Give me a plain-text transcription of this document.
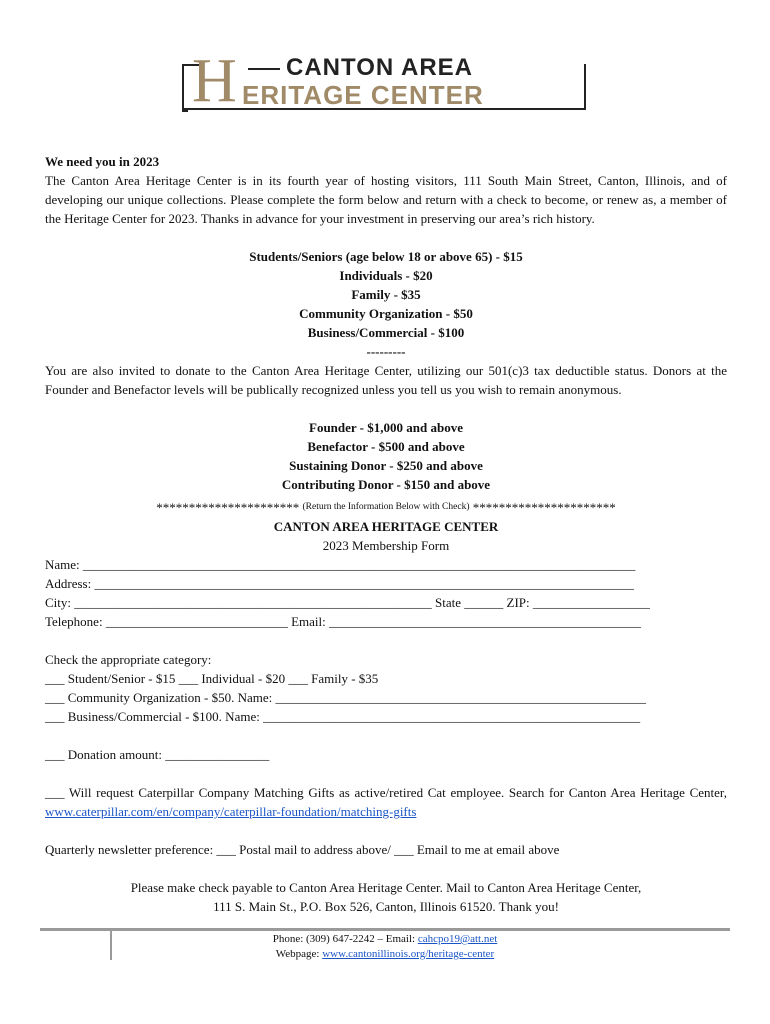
H	CANTON AREA
ERITAGE CENTER
We need you in 2023
The Canton Area Heritage Center is in its fourth year of hosting visitors, 111 South Main Street, Canton, Illinois, and of developing our unique collections. Please complete the form below and return with a check to become, or renew as, a member of the Heritage Center for 2023. Thanks in advance for your investment in preserving our area’s rich history.
Students/Seniors (age below 18 or above 65) - $15
Individuals - $20
Family - $35
Community Organization - $50
Business/Commercial - $100
---------
You are also invited to donate to the Canton Area Heritage Center, utilizing our 501(c)3 tax deductible status. Donors at the Founder and Benefactor levels will be publically recognized unless you tell us you wish to remain anonymous.
Founder - $1,000 and above
Benefactor - $500 and above
Sustaining Donor - $250 and above
Contributing Donor - $150 and above
********************** $^{(Return the Information Below with Check)}$ **********************
CANTON AREA HERITAGE CENTER
2023 Membership Form
Name: _____________________________________________________________________________________
Address: ___________________________________________________________________________________
City: _______________________________________________________ State ______ ZIP: __________________
Telephone: ____________________________ Email: ________________________________________________
Check the appropriate category:
___ Student/Senior - $15 ___ Individual - $20 ___ Family - $35
___ Community Organization - $50. Name: _________________________________________________________
___ Business/Commercial - $100. Name: __________________________________________________________
___ Donation amount: ________________
___ Will request Caterpillar Company Matching Gifts as active/retired Cat employee. Search for Canton Area Heritage Center, www.caterpillar.com/en/company/caterpillar-foundation/matching-gifts
Quarterly newsletter preference: ___ Postal mail to address above/ ___ Email to me at email above
Please make check payable to Canton Area Heritage Center. Mail to Canton Area Heritage Center,
111 S. Main St., P.O. Box 526, Canton, Illinois 61520. Thank you!
Phone: (309) 647-2242 – Email: cahcpo19@att.net
Webpage: www.cantonillinois.org/heritage-center
